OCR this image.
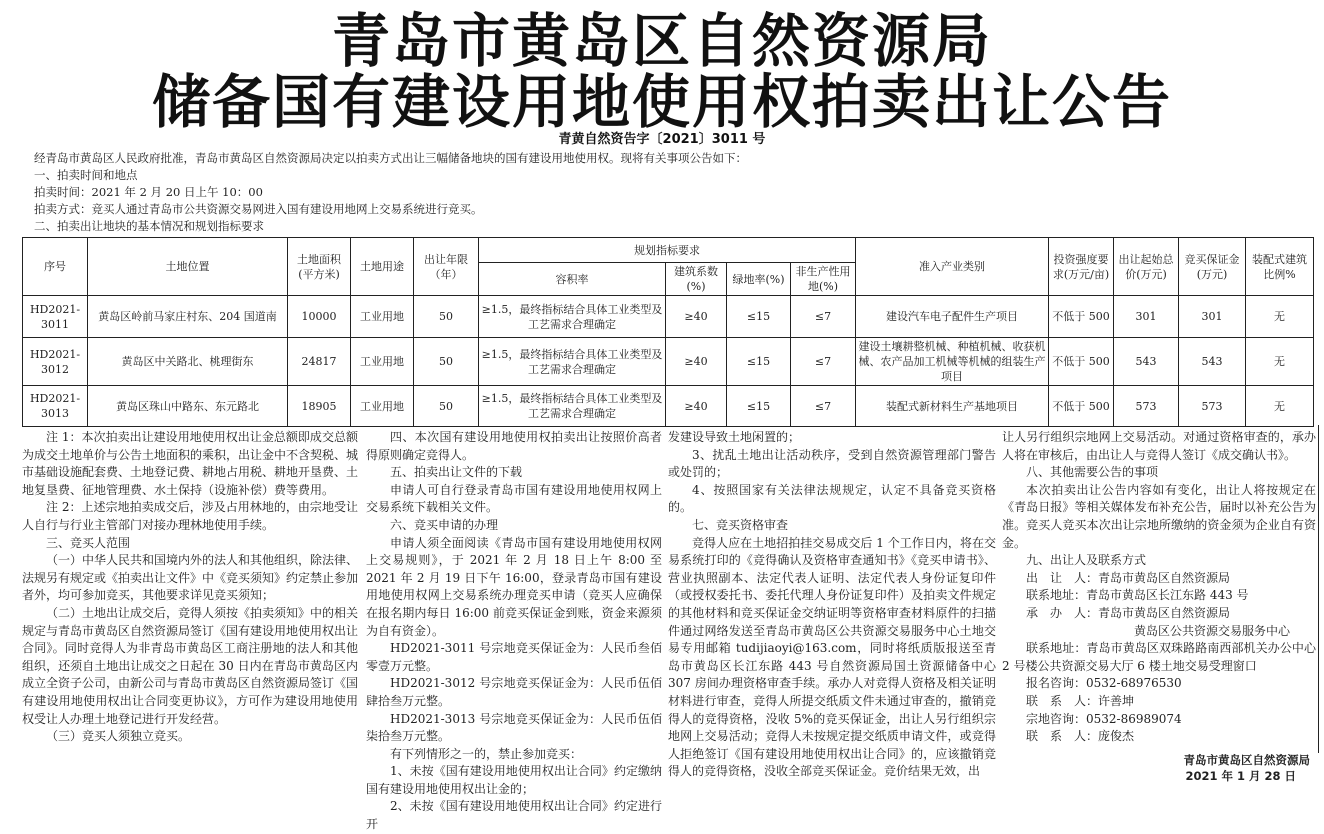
青岛市黄岛区自然资源局
储备国有建设用地使用权拍卖出让公告
青黄自然资告字〔2021〕3011 号
经青岛市黄岛区人民政府批准，青岛市黄岛区自然资源局决定以拍卖方式出让三幅储备地块的国有建设用地使用权。现将有关事项公告如下：
一、拍卖时间和地点
拍卖时间：2021 年 2 月 20 日上午 10：00
拍卖方式：竞买人通过青岛市公共资源交易网进入国有建设用地网上交易系统进行竞买。
二、拍卖出让地块的基本情况和规划指标要求
序号	土地位置	土地面积(平方米)	土地用途	出让年限（年）	规划指标要求				准入产业类别	投资强度要求(万元/亩)	出让起始总价(万元)	竞买保证金(万元)	装配式建筑比例%
					容积率	建筑系数(%)	绿地率(%)	非生产性用地(%)					
HD2021-3011	黄岛区岭前马家庄村东、204 国道南	10000	工业用地	50	≥1.5，最终指标结合具体工业类型及工艺需求合理确定	≥40	≤15	≤7	建设汽车电子配件生产项目	不低于 500	301	301	无
HD2021-3012	黄岛区中关路北、桃理街东	24817	工业用地	50	≥1.5，最终指标结合具体工业类型及工艺需求合理确定	≥40	≤15	≤7	建设土壤耕整机械、种植机械、收获机械、农产品加工机械等机械的组装生产项目	不低于 500	543	543	无
HD2021-3013	黄岛区珠山中路东、东元路北	18905	工业用地	50	≥1.5，最终指标结合具体工业类型及工艺需求合理确定	≥40	≤15	≤7	装配式新材料生产基地项目	不低于 500	573	573	无

注 1：本次拍卖出让建设用地使用权出让金总额即成交总额为成交土地单价与公告土地面积的乘积，出让金中不含契税、城市基础设施配套费、土地登记费、耕地占用税、耕地开垦费、土地复垦费、征地管理费、水土保持（设施补偿）费等费用。

注 2：上述宗地拍卖成交后，涉及占用林地的，由宗地受让人自行与行业主管部门对接办理林地使用手续。

三、竞买人范围

（一）中华人民共和国境内外的法人和其他组织，除法律、法规另有规定或《拍卖出让文件》中《竞买须知》约定禁止参加者外，均可参加竞买，其他要求详见竞买须知；

（二）土地出让成交后，竞得人须按《拍卖须知》中的相关规定与青岛市黄岛区自然资源局签订《国有建设用地使用权出让合同》。同时竞得人为非青岛市黄岛区工商注册地的法人和其他组织，还须自土地出让成交之日起在 30 日内在青岛市黄岛区内成立全资子公司，由新公司与青岛市黄岛区自然资源局签订《国有建设用地使用权出让合同变更协议》，方可作为建设用地使用权受让人办理土地登记进行开发经营。

（三）竞买人须独立竞买。

四、本次国有建设用地使用权拍卖出让按照价高者得原则确定竞得人。

五、拍卖出让文件的下载

申请人可自行登录青岛市国有建设用地使用权网上交易系统下载相关文件。

六、竞买申请的办理

申请人须全面阅读《青岛市国有建设用地使用权网上交易规则》，于 2021 年 2 月 18 日上午 8:00 至 2021 年 2 月 19 日下午 16:00，登录青岛市国有建设用地使用权网上交易系统办理竞买申请（竞买人应确保在报名期内每日 16:00 前竞买保证金到账，资金来源须为自有资金）。

HD2021-3011 号宗地竞买保证金为：人民币叁佰零壹万元整。

HD2021-3012 号宗地竞买保证金为：人民币伍佰肆拾叁万元整。

HD2021-3013 号宗地竞买保证金为：人民币伍佰柒拾叁万元整。

有下列情形之一的，禁止参加竞买：

1、未按《国有建设用地使用权出让合同》约定缴纳国有建设用地使用权出让金的；

2、未按《国有建设用地使用权出让合同》约定进行开

发建设导致土地闲置的；

3、扰乱土地出让活动秩序，受到自然资源管理部门警告或处罚的；

4、按照国家有关法律法规规定，认定不具备竞买资格的。

七、竞买资格审查

竞得人应在土地招拍挂交易成交后 1 个工作日内，将在交易系统打印的《竞得确认及资格审查通知书》《竞买申请书》、营业执照副本、法定代表人证明、法定代表人身份证复印件（或授权委托书、委托代理人身份证复印件）及拍卖文件规定的其他材料和竞买保证金交纳证明等资格审查材料原件的扫描件通过网络发送至青岛市黄岛区公共资源交易服务中心土地交易专用邮箱 tudijiaoyi@163.com，同时将纸质版报送至青岛市黄岛区长江东路 443 号自然资源局国土资源储备中心 307 房间办理资格审查手续。承办人对竞得人资格及相关证明材料进行审查，竞得人所提交纸质文件未通过审查的，撤销竞得人的竞得资格，没收 5%的竞买保证金，出让人另行组织宗地网上交易活动；竞得人未按规定提交纸质申请文件，或竞得人拒绝签订《国有建设用地使用权出让合同》的，应该撤销竞得人的竞得资格，没收全部竞买保证金。竞价结果无效，出

让人另行组织宗地网上交易活动。对通过资格审查的，承办人将在审核后，由出让人与竞得人签订《成交确认书》。

八、其他需要公告的事项

本次拍卖出让公告内容如有变化，出让人将按规定在《青岛日报》等相关媒体发布补充公告，届时以补充公告为准。竞买人竞买本次出让宗地所缴纳的资金须为企业自有资金。

九、出让人及联系方式

出　让　人：青岛市黄岛区自然资源局

联系地址：青岛市黄岛区长江东路 443 号

承　办　人：青岛市黄岛区自然资源局

黄岛区公共资源交易服务中心

联系地址：青岛市黄岛区双珠路路南西部机关办公中心 2 号楼公共资源交易大厅 6 楼土地交易受理窗口

报名咨询：0532-68976530

联　系　人：许善坤

宗地咨询：0532-86989074

联　系　人：庞俊杰

青岛市黄岛区自然资源局
2021 年 1 月 28 日
